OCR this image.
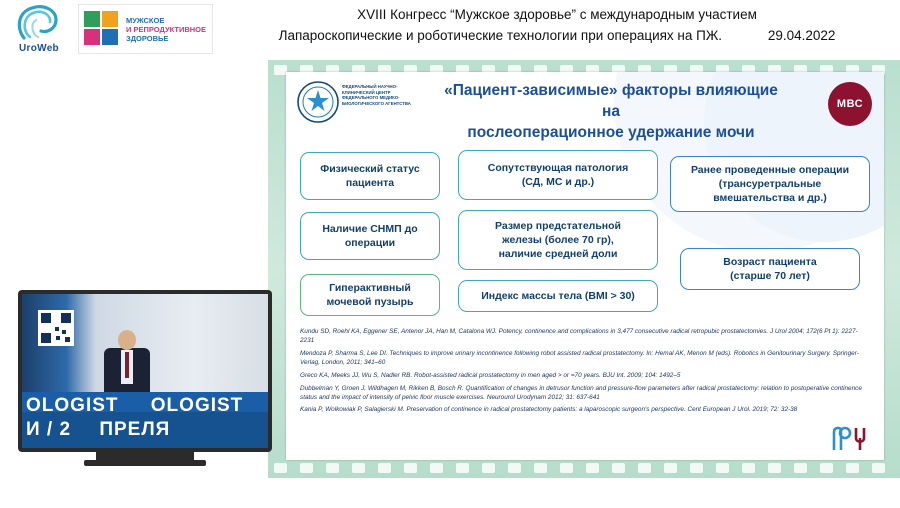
UroWeb
МУЖСКОЕ
И РЕПРОДУКТИВНОЕ
ЗДОРОВЬЕ
XVIII Конгресс “Мужское здоровье” с международным участием
Лапароскопические и роботические технологии при операциях на ПЖ.	29.04.2022
ФЕДЕРАЛЬНЫЙ НАУЧНО-КЛИНИЧЕСКИЙ ЦЕНТР ФЕДЕРАЛЬНОГО МЕДИКО-БИОЛОГИЧЕСКОГО АГЕНТСТВА
«Пациент-зависимые» факторы влияющие на
послеоперационное удержание мочи
МВС
Физический статус
пациента
Сопутствующая патология
(СД, МС и др.)
Ранее проведенные операции
(трансуретральные
вмешательства и др.)
Наличие СНМП до
операции
Размер предстательной
железы (более 70 гр),
наличие средней доли
Возраст пациента
(старше 70 лет)
Гиперактивный
мочевой пузырь	Индекс массы тела (BMI > 30)

Kundu SD, Roehl KA, Eggener SE, Antenor JA, Han M, Catalona WJ. Potency, continence and complications in 3,477 consecutive radical retropubic prostatectomies. J Urol 2004; 172(6 Pt 1): 2227-2231

Mendoza P, Sharma S, Lee DI. Techniques to improve urinary incontinence following robot assisted radical prostatectomy. In: Hemal AK, Menon M (eds). Robotics in Genitourinary Surgery. Springer-Verlag, London, 2011; 341–60

Greco KA, Meeks JJ, Wu S, Nadler RB. Robot-assisted radical prostatectomy in men aged > or =70 years. BJU Int. 2009; 104: 1492–5

Dubbelman Y, Groen J, Wildhagen M, Rikken B, Bosch R. Quantification of changes in detrusor function and pressure-flow parameters after radical prostatectomy: relation to postoperative continence status and the impact of intensity of pelvic floor muscle exercises. Neurourol Urodynam 2012; 31: 637-641

Kania P, Wolkowiak P, Salagierski M. Preservation of continence in radical prostatectomy patients: a laparoscopic surgeon's perspective. Cent European J Urol. 2019; 72: 32-38

OLOGIST OLOGIST
И / 2 ПРЕЛЯ
